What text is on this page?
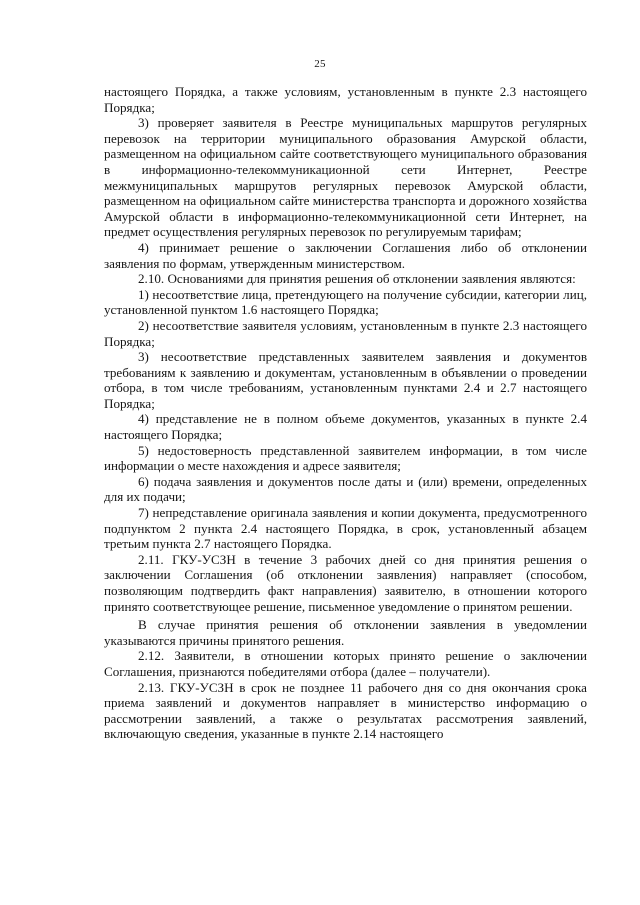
25

настоящего Порядка, а также условиям, установленным в пункте 2.3 настоящего Порядка;

3) проверяет заявителя в Реестре муниципальных маршрутов регулярных перевозок на территории муниципального образования Амурской области, размещенном на официальном сайте соответствующего муниципального образования в информационно-телекоммуникационной сети Интернет, Реестре межмуниципальных маршрутов регулярных перевозок Амурской области, размещенном на официальном сайте министерства транспорта и дорожного хозяйства Амурской области в информационно-телекоммуникационной сети Интернет, на предмет осуществления регулярных перевозок по регулируемым тарифам;

4) принимает решение о заключении Соглашения либо об отклонении заявления по формам, утвержденным министерством.

2.10. Основаниями для принятия решения об отклонении заявления являются:

1) несоответствие лица, претендующего на получение субсидии, категории лиц, установленной пунктом 1.6 настоящего Порядка;

2) несоответствие заявителя условиям, установленным в пункте 2.3 настоящего Порядка;

3) несоответствие представленных заявителем заявления и документов требованиям к заявлению и документам, установленным в объявлении о проведении отбора, в том числе требованиям, установленным пунктами 2.4 и 2.7 настоящего Порядка;

4) представление не в полном объеме документов, указанных в пункте 2.4 настоящего Порядка;

5) недостоверность представленной заявителем информации, в том числе информации о месте нахождения и адресе заявителя;

6) подача заявления и документов после даты и (или) времени, определенных для их подачи;

7) непредставление оригинала заявления и копии документа, предусмотренного подпунктом 2 пункта 2.4 настоящего Порядка, в срок, установленный абзацем третьим пункта 2.7 настоящего Порядка.

2.11. ГКУ-УСЗН в течение 3 рабочих дней со дня принятия решения о заключении Соглашения (об отклонении заявления) направляет (способом, позволяющим подтвердить факт направления) заявителю, в отношении которого принято соответствующее решение, письменное уведомление о принятом решении.

В случае принятия решения об отклонении заявления в уведомлении указываются причины принятого решения.

2.12. Заявители, в отношении которых принято решение о заключении Соглашения, признаются победителями отбора (далее – получатели).

2.13. ГКУ-УСЗН в срок не позднее 11 рабочего дня со дня окончания срока приема заявлений и документов направляет в министерство информацию о рассмотрении заявлений, а также о результатах рассмотрения заявлений, включающую сведения, указанные в пункте 2.14 настоящего
